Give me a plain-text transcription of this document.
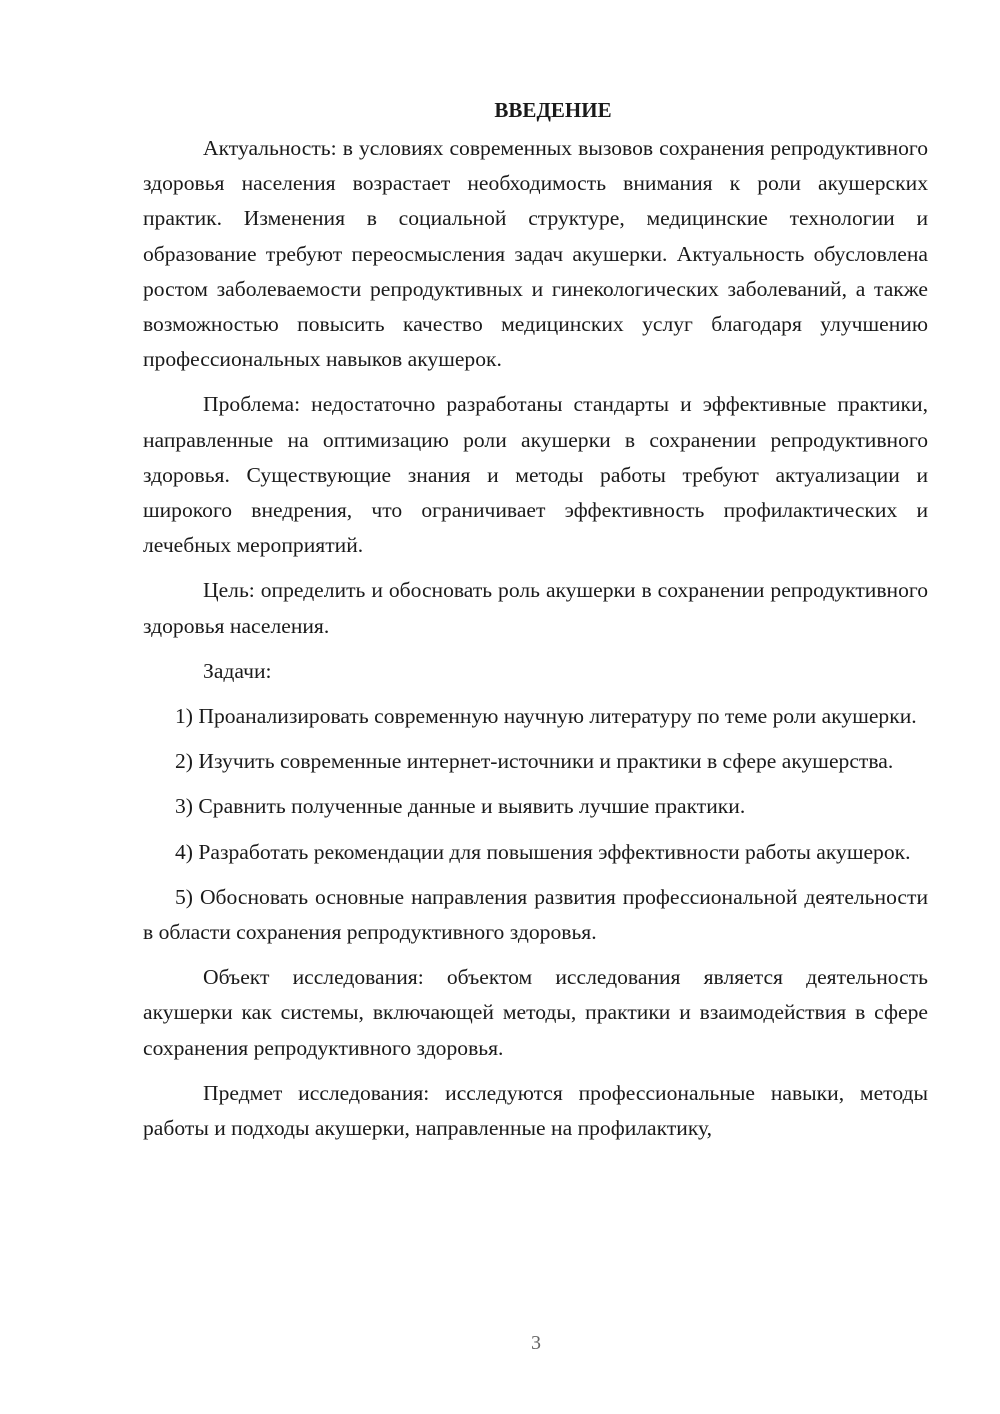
ВВЕДЕНИЕ

Актуальность: в условиях современных вызовов сохранения репродуктивного здоровья населения возрастает необходимость внимания к роли акушерских практик. Изменения в социальной структуре, медицинские технологии и образование требуют переосмысления задач акушерки. Актуальность обусловлена ростом заболеваемости репродуктивных и гинекологических заболеваний, а также возможностью повысить качество медицинских услуг благодаря улучшению профессиональных навыков акушерок.

Проблема: недостаточно разработаны стандарты и эффективные практики, направленные на оптимизацию роли акушерки в сохранении репродуктивного здоровья. Существующие знания и методы работы требуют актуализации и широкого внедрения, что ограничивает эффективность профилактических и лечебных мероприятий.

Цель: определить и обосновать роль акушерки в сохранении репродуктивного здоровья населения.

Задачи:

1) Проанализировать современную научную литературу по теме роли акушерки.

2) Изучить современные интернет-источники и практики в сфере акушерства.

3) Сравнить полученные данные и выявить лучшие практики.

4) Разработать рекомендации для повышения эффективности работы акушерок.

5) Обосновать основные направления развития профессиональной деятельности в области сохранения репродуктивного здоровья.

Объект исследования: объектом исследования является деятельность акушерки как системы, включающей методы, практики и взаимодействия в сфере сохранения репродуктивного здоровья.

Предмет исследования: исследуются профессиональные навыки, методы работы и подходы акушерки, направленные на профилактику,

3
